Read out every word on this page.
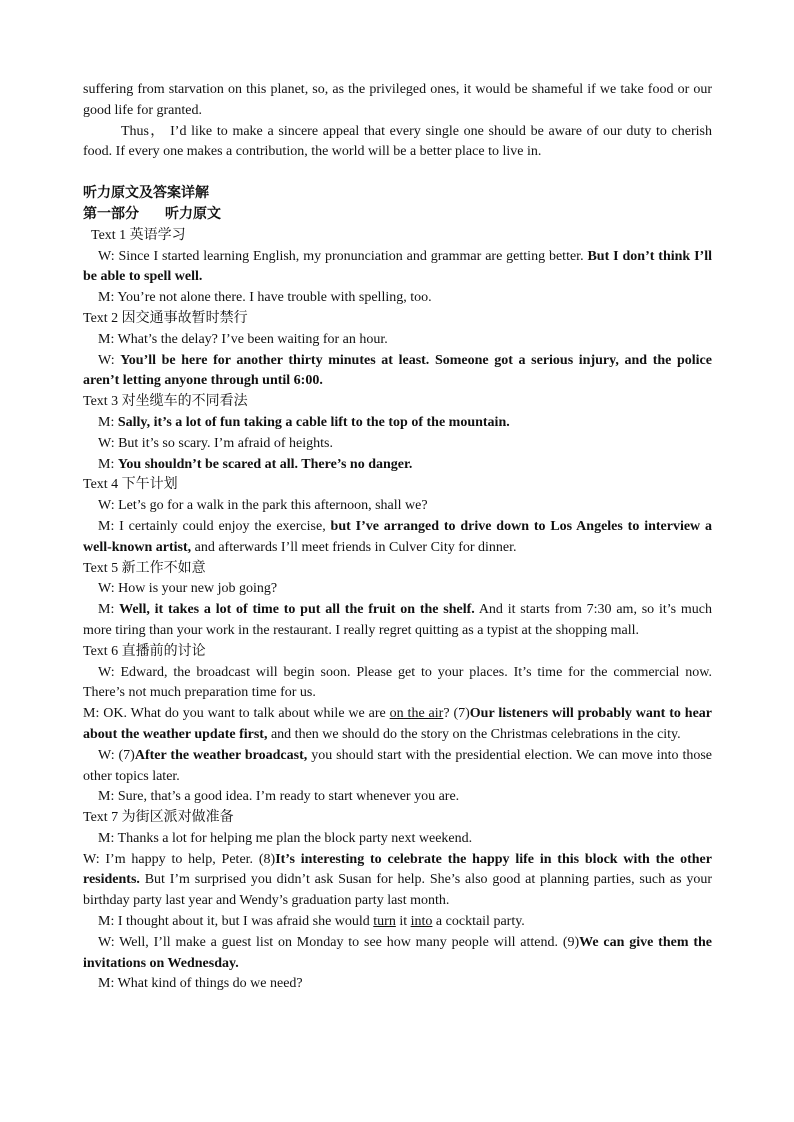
suffering from starvation on this planet, so, as the privileged ones, it would be shameful if we take food or our good life for granted.

Thus， I’d like to make a sincere appeal that every single one should be aware of our duty to cherish food. If every one makes a contribution, the world will be a better place to live in.

听力原文及答案详解

第一部分 听力原文

Text 1 英语学习

W: Since I started learning English, my pronunciation and grammar are getting better. But I don’t think I’ll be able to spell well.

M: You’re not alone there. I have trouble with spelling, too.

Text 2 因交通事故暂时禁行

M: What’s the delay? I’ve been waiting for an hour.

W: You’ll be here for another thirty minutes at least. Someone got a serious injury, and the police aren’t letting anyone through until 6:00.

Text 3 对坐缆车的不同看法

M: Sally, it’s a lot of fun taking a cable lift to the top of the mountain.

W: But it’s so scary. I’m afraid of heights.

M: You shouldn’t be scared at all. There’s no danger.

Text 4 下午计划

W: Let’s go for a walk in the park this afternoon, shall we?

M: I certainly could enjoy the exercise, but I’ve arranged to drive down to Los Angeles to interview a well-known artist, and afterwards I’ll meet friends in Culver City for dinner.

Text 5 新工作不如意

W: How is your new job going?

M: Well, it takes a lot of time to put all the fruit on the shelf. And it starts from 7:30 am, so it’s much more tiring than your work in the restaurant. I really regret quitting as a typist at the shopping mall.

Text 6 直播前的讨论

W: Edward, the broadcast will begin soon. Please get to your places. It’s time for the commercial now. There’s not much preparation time for us.

M: OK. What do you want to talk about while we are on the air? (7)Our listeners will probably want to hear about the weather update first, and then we should do the story on the Christmas celebrations in the city.

W: (7)After the weather broadcast, you should start with the presidential election. We can move into those other topics later.

M: Sure, that’s a good idea. I’m ready to start whenever you are.

Text 7 为街区派对做准备

M: Thanks a lot for helping me plan the block party next weekend.

W: I’m happy to help, Peter. (8)It’s interesting to celebrate the happy life in this block with the other residents. But I’m surprised you didn’t ask Susan for help. She’s also good at planning parties, such as your birthday party last year and Wendy’s graduation party last month.

M: I thought about it, but I was afraid she would turn it into a cocktail party.

W: Well, I’ll make a guest list on Monday to see how many people will attend. (9)We can give them the invitations on Wednesday.

M: What kind of things do we need?
